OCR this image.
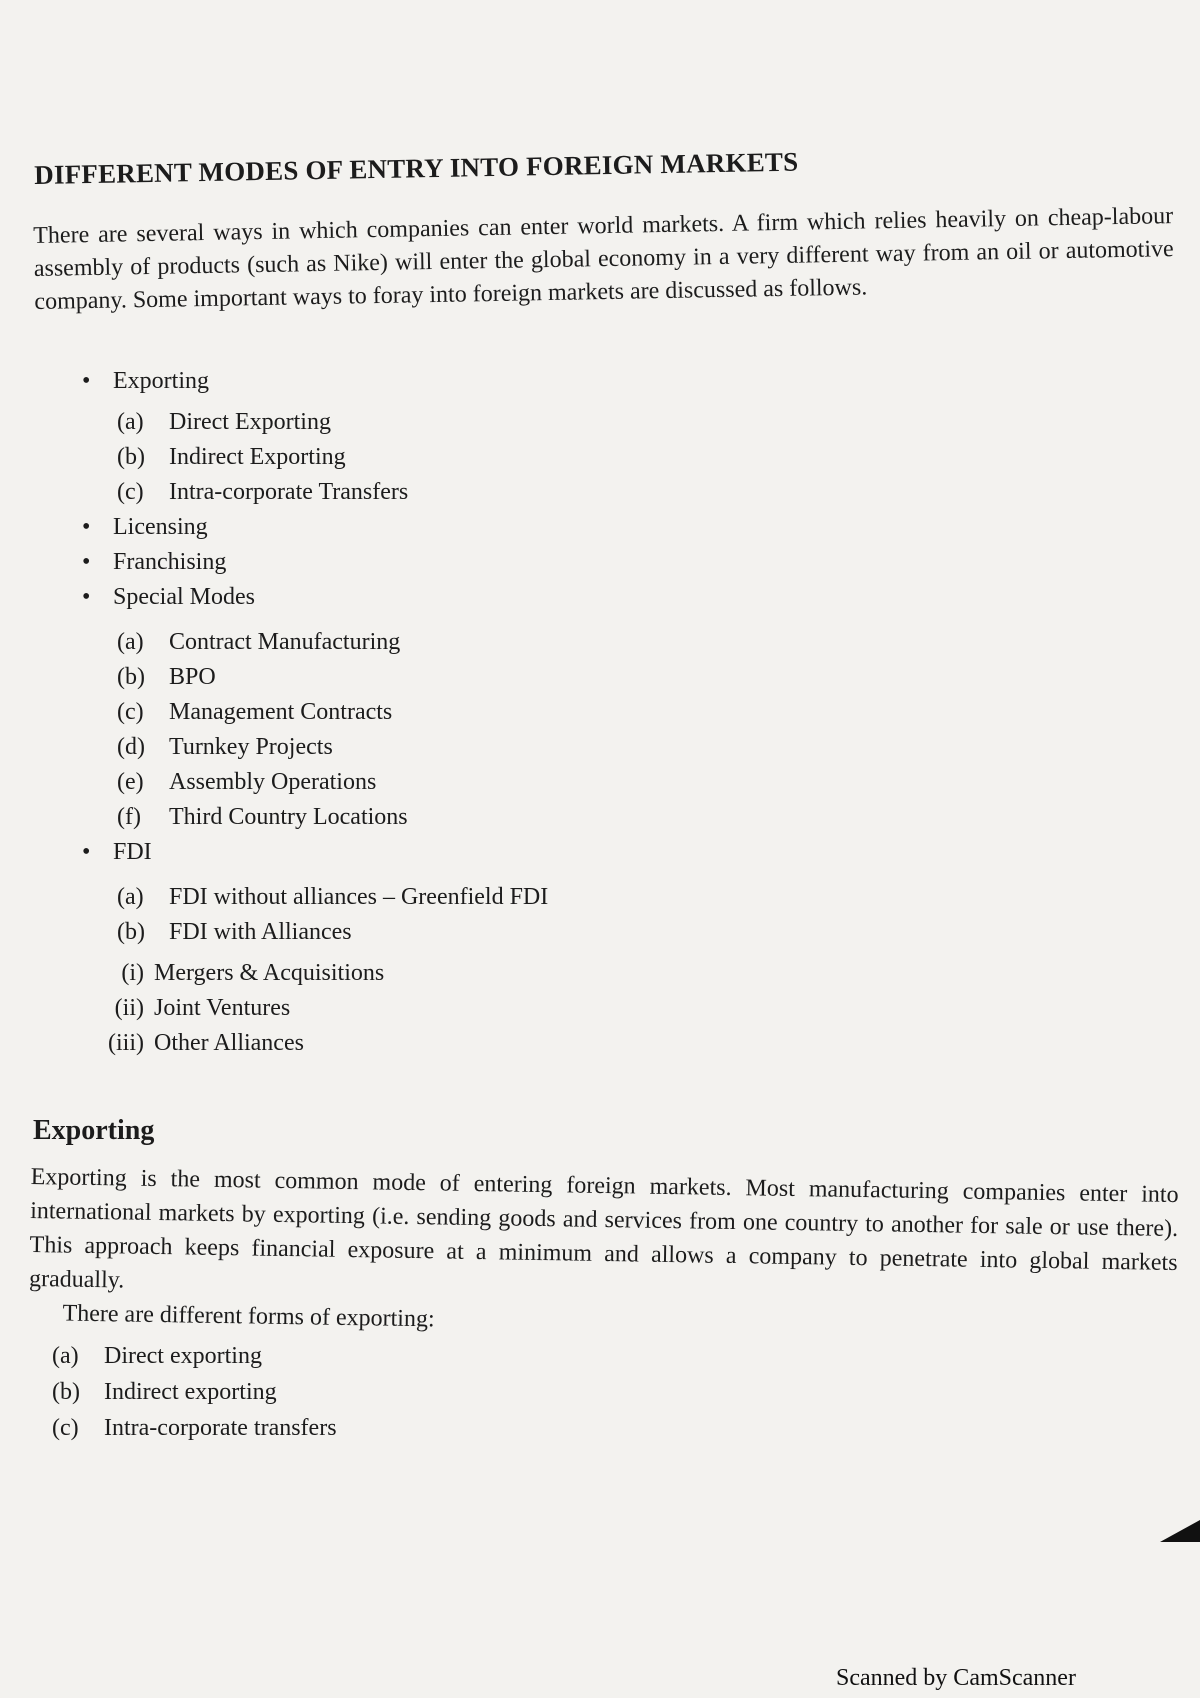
DIFFERENT MODES OF ENTRY INTO FOREIGN MARKETS

There are several ways in which companies can enter world markets. A firm which relies heavily on cheap-labour assembly of products (such as Nike) will enter the global economy in a very different way from an oil or automotive company. Some important ways to foray into foreign markets are discussed as follows.

• Exporting
(a) Direct Exporting
(b) Indirect Exporting
(c) Intra-corporate Transfers
• Licensing
• Franchising
• Special Modes
(a) Contract Manufacturing
(b) BPO
(c) Management Contracts
(d) Turnkey Projects
(e) Assembly Operations
(f) Third Country Locations
• FDI
(a) FDI without alliances – Greenfield FDI
(b) FDI with Alliances
(i) Mergers & Acquisitions
(ii) Joint Ventures
(iii) Other Alliances
Exporting

Exporting is the most common mode of entering foreign markets. Most manufacturing companies enter into international markets by exporting (i.e. sending goods and services from one country to another for sale or use there). This approach keeps financial exposure at a minimum and allows a company to penetrate into global markets gradually.

There are different forms of exporting:

(a) Direct exporting
(b) Indirect exporting
(c) Intra-corporate transfers
Scanned by CamScanner
